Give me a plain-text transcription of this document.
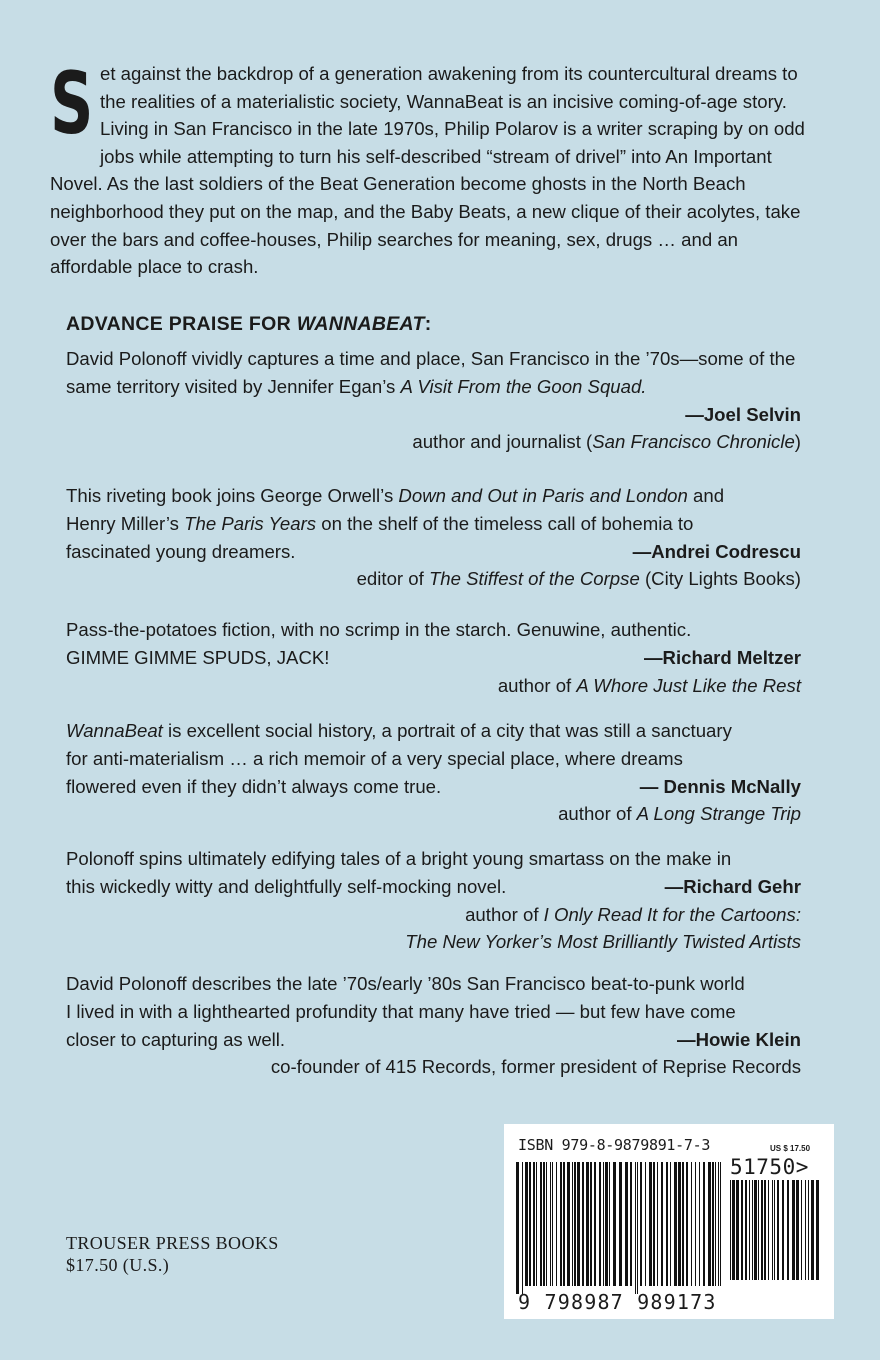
Set against the backdrop of a generation awakening from its countercultural dreams to the realities of a materialistic society, WannaBeat is an incisive coming-of-age story. Living in San Francisco in the late 1970s, Philip Polarov is a writer scraping by on odd jobs while attempting to turn his self-described “stream of drivel” into An Important Novel. As the last soldiers of the Beat Generation become ghosts in the North Beach neighborhood they put on the map, and the Baby Beats, a new clique of their acolytes, take over the bars and coffee-houses, Philip searches for meaning, sex, drugs … and an affordable place to crash.

ADVANCE PRAISE FOR WANNABEAT:

David Polonoff vividly captures a time and place, San Francisco in the ’70s—some of the same territory visited by Jennifer Egan’s A Visit From the Goon Squad.

—Joel Selvin

author and journalist (San Francisco Chronicle)

This riveting book joins George Orwell’s Down and Out in Paris and London and

Henry Miller’s The Paris Years on the shelf of the timeless call of bohemia to

fascinated young dreamers.	—Andrei Codrescu

editor of The Stiffest of the Corpse (City Lights Books)

Pass-the-potatoes fiction, with no scrimp in the starch. Genuwine, authentic.

GIMME GIMME SPUDS, JACK!	—Richard Meltzer

author of A Whore Just Like the Rest

WannaBeat is excellent social history, a portrait of a city that was still a sanctuary

for anti-materialism … a rich memoir of a very special place, where dreams

flowered even if they didn’t always come true.	— Dennis McNally

author of A Long Strange Trip

Polonoff spins ultimately edifying tales of a bright young smartass on the make in

this wickedly witty and delightfully self-mocking novel.	—Richard Gehr

author of I Only Read It for the Cartoons:

The New Yorker’s Most Brilliantly Twisted Artists

David Polonoff describes the late ’70s/early ’80s San Francisco beat-to-punk world

I lived in with a lighthearted profundity that many have tried — but few have come

closer to capturing as well.	—Howie Klein

co-founder of 415 Records, former president of Reprise Records

TROUSER PRESS BOOKS
$17.50 (U.S.)
ISBN 979-8-9879891-7-3	US $ 17.50
51750>
9 798987 989173
